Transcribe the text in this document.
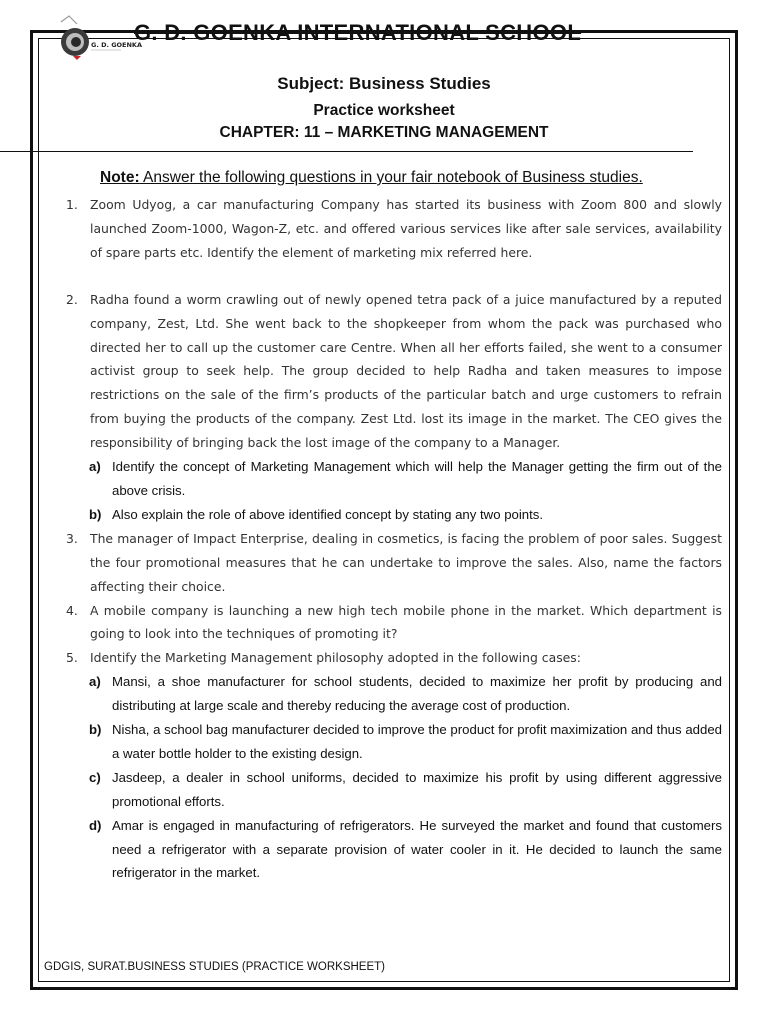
G. D. GOENKA
G. D. GOENKA INTERNATIONAL SCHOOL
Subject: Business Studies
Practice worksheet
CHAPTER: 11 – MARKETING MANAGEMENT
Note: Answer the following questions in your fair notebook of Business studies.
1. Zoom Udyog, a car manufacturing Company has started its business with Zoom 800 and slowly launched Zoom-1000, Wagon-Z, etc. and offered various services like after sale services, availability of spare parts etc. Identify the element of marketing mix referred here.
2. Radha found a worm crawling out of newly opened tetra pack of a juice manufactured by a reputed company, Zest, Ltd. She went back to the shopkeeper from whom the pack was purchased who directed her to call up the customer care Centre. When all her efforts failed, she went to a consumer activist group to seek help. The group decided to help Radha and taken measures to impose restrictions on the sale of the firm’s products of the particular batch and urge customers to refrain from buying the products of the company. Zest Ltd. lost its image in the market. The CEO gives the responsibility of bringing back the lost image of the company to a Manager.
a) Identify the concept of Marketing Management which will help the Manager getting the firm out of the above crisis.
b) Also explain the role of above identified concept by stating any two points.
3. The manager of Impact Enterprise, dealing in cosmetics, is facing the problem of poor sales. Suggest the four promotional measures that he can undertake to improve the sales. Also, name the factors affecting their choice.
4. A mobile company is launching a new high tech mobile phone in the market. Which department is going to look into the techniques of promoting it?
5. Identify the Marketing Management philosophy adopted in the following cases:
a) Mansi, a shoe manufacturer for school students, decided to maximize her profit by producing and distributing at large scale and thereby reducing the average cost of production.
b) Nisha, a school bag manufacturer decided to improve the product for profit maximization and thus added a water bottle holder to the existing design.
c) Jasdeep, a dealer in school uniforms, decided to maximize his profit by using different aggressive promotional efforts.
d) Amar is engaged in manufacturing of refrigerators. He surveyed the market and found that customers need a refrigerator with a separate provision of water cooler in it. He decided to launch the same refrigerator in the market.
GDGIS, SURAT.BUSINESS STUDIES (PRACTICE WORKSHEET)
